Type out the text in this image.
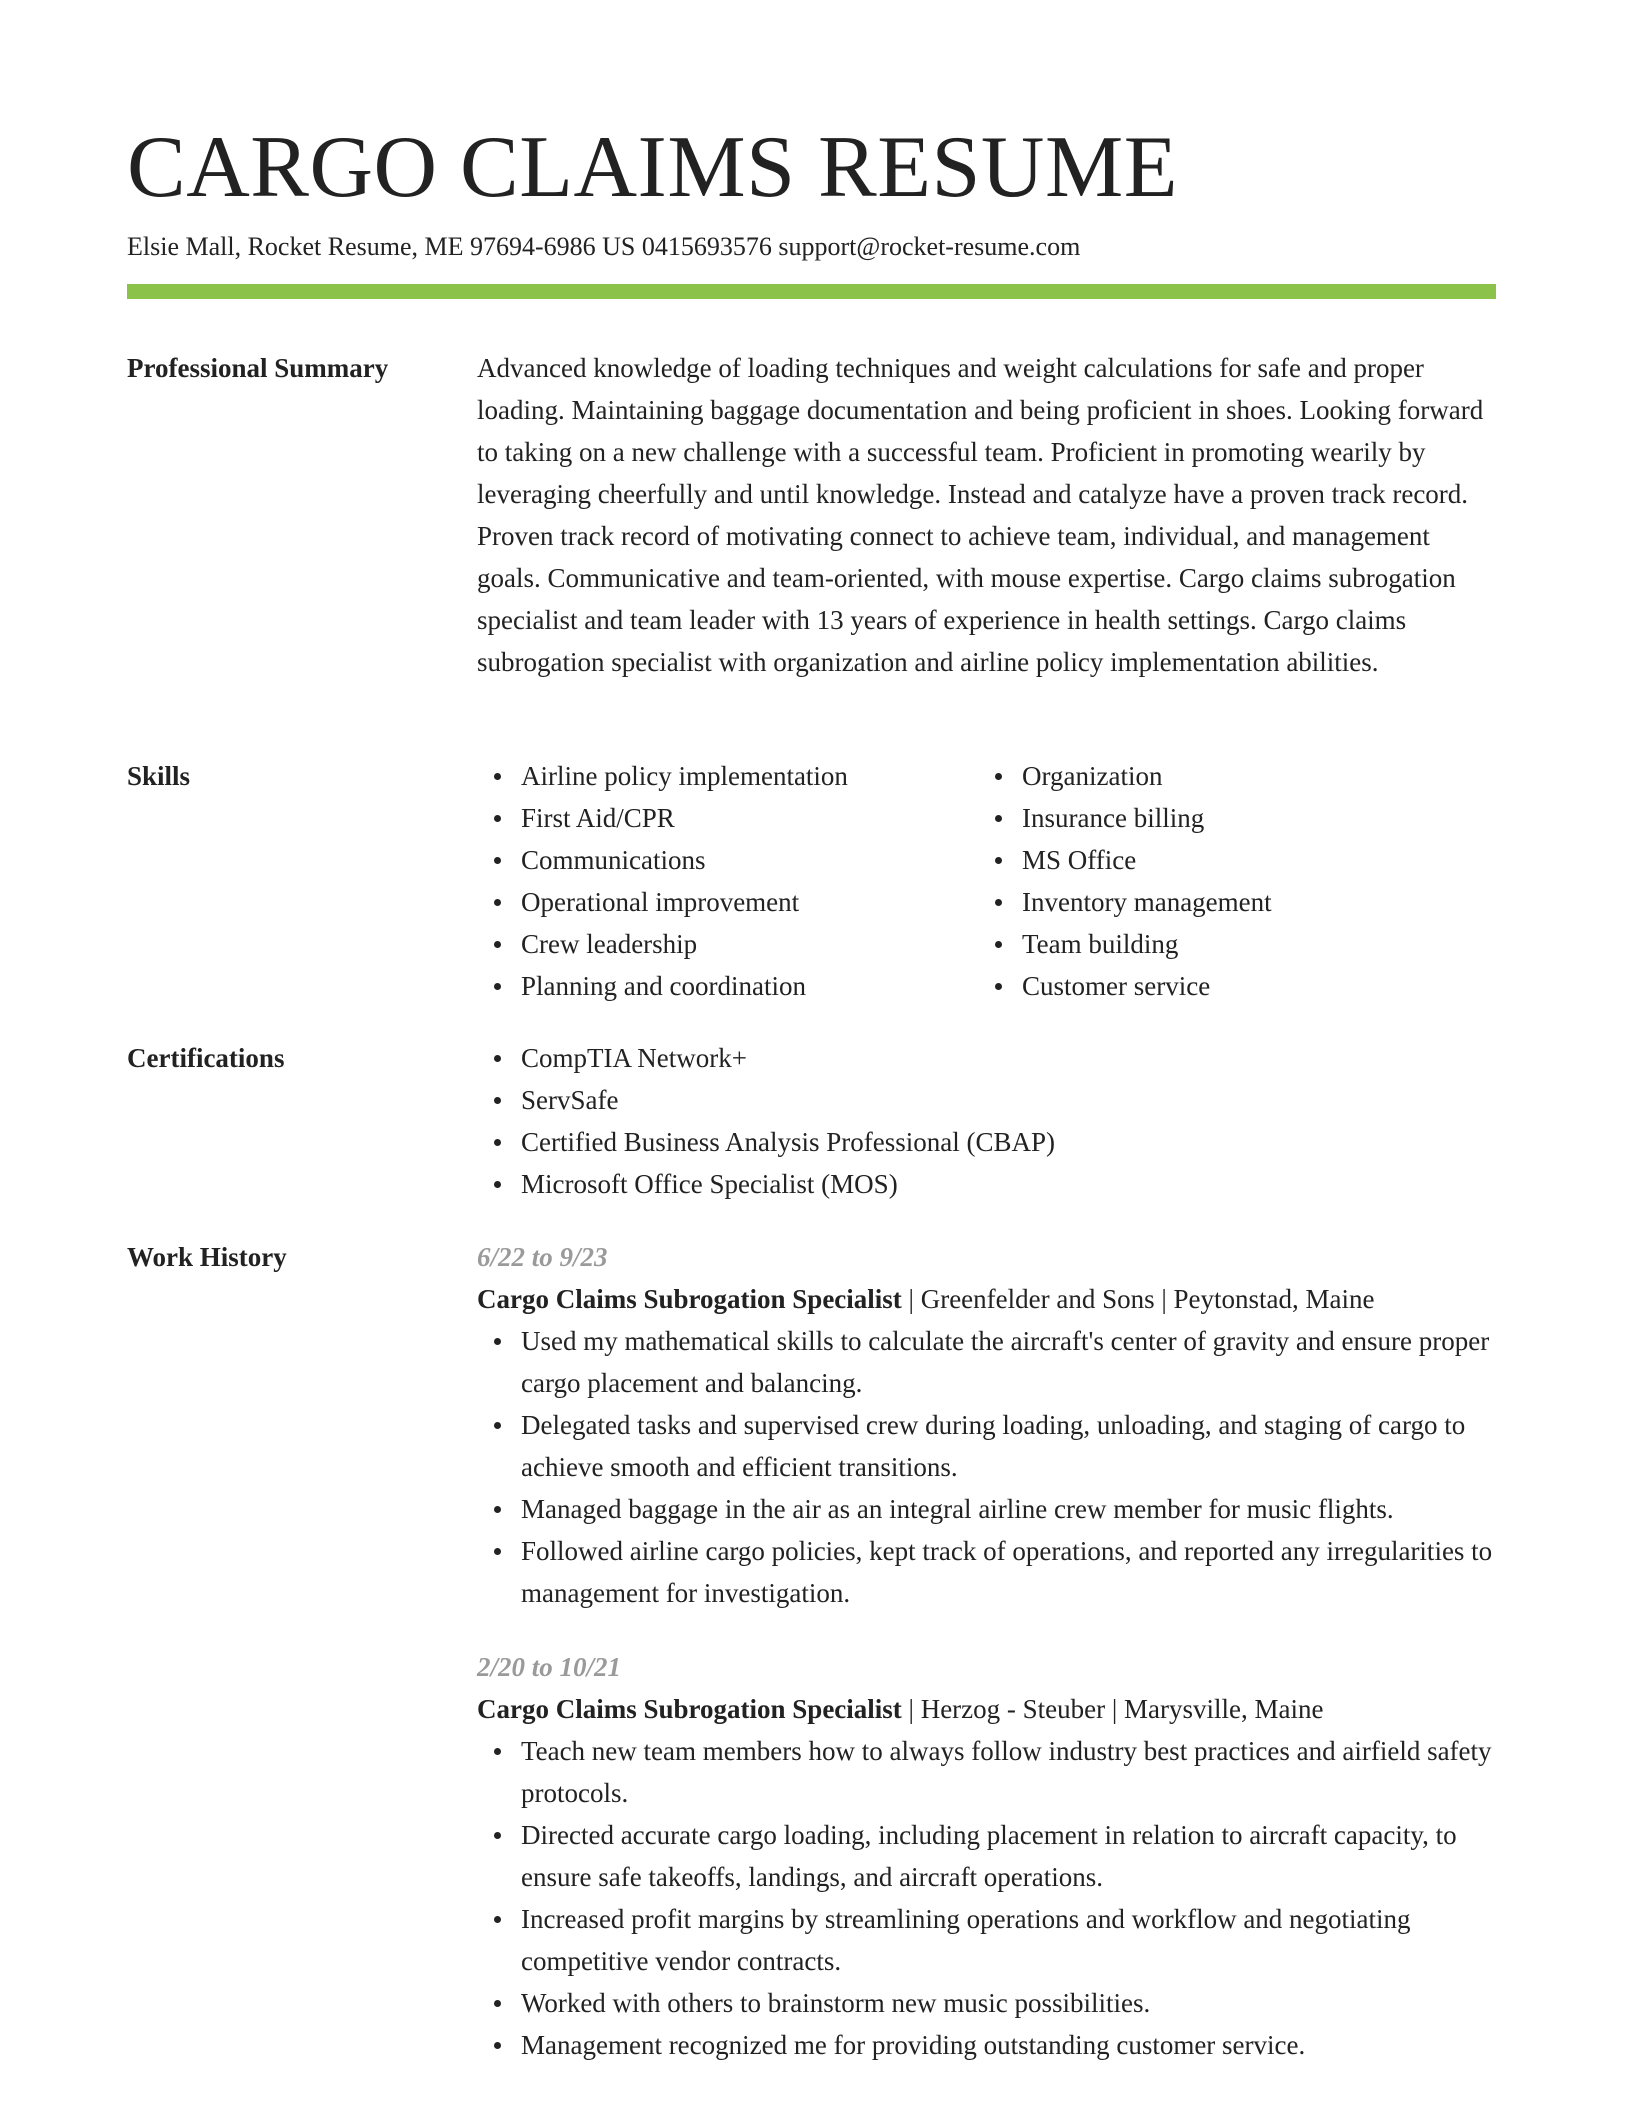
CARGO CLAIMS RESUME
Elsie Mall, Rocket Resume, ME 97694-6986 US 0415693576 support@rocket-resume.com
Professional Summary	Advanced knowledge of loading techniques and weight calculations for safe and proper loading. Maintaining baggage documentation and being proficient in shoes. Looking forward to taking on a new challenge with a successful team. Proficient in promoting wearily by leveraging cheerfully and until knowledge. Instead and catalyze have a proven track record. Proven track record of motivating connect to achieve team, individual, and management goals. Communicative and team-oriented, with mouse expertise. Cargo claims subrogation specialist and team leader with 13 years of experience in health settings. Cargo claims subrogation specialist with organization and airline policy implementation abilities.

Skills	Airline policy implementation
First Aid/CPR
Communications
Operational improvement
Crew leadership
Planning and coordination
Organization
Insurance billing
MS Office
Inventory management
Team building
Customer service
Certifications	CompTIA Network+
ServSafe
Certified Business Analysis Professional (CBAP)
Microsoft Office Specialist (MOS)
Work History	6/22 to 9/23
Cargo Claims Subrogation Specialist | Greenfelder and Sons | Peytonstad, Maine
Used my mathematical skills to calculate the aircraft's center of gravity and ensure proper cargo placement and balancing.
Delegated tasks and supervised crew during loading, unloading, and staging of cargo to achieve smooth and efficient transitions.
Managed baggage in the air as an integral airline crew member for music flights.
Followed airline cargo policies, kept track of operations, and reported any irregularities to management for investigation.
2/20 to 10/21
Cargo Claims Subrogation Specialist | Herzog - Steuber | Marysville, Maine
Teach new team members how to always follow industry best practices and airfield safety protocols.
Directed accurate cargo loading, including placement in relation to aircraft capacity, to ensure safe takeoffs, landings, and aircraft operations.
Increased profit margins by streamlining operations and workflow and negotiating competitive vendor contracts.
Worked with others to brainstorm new music possibilities.
Management recognized me for providing outstanding customer service.
